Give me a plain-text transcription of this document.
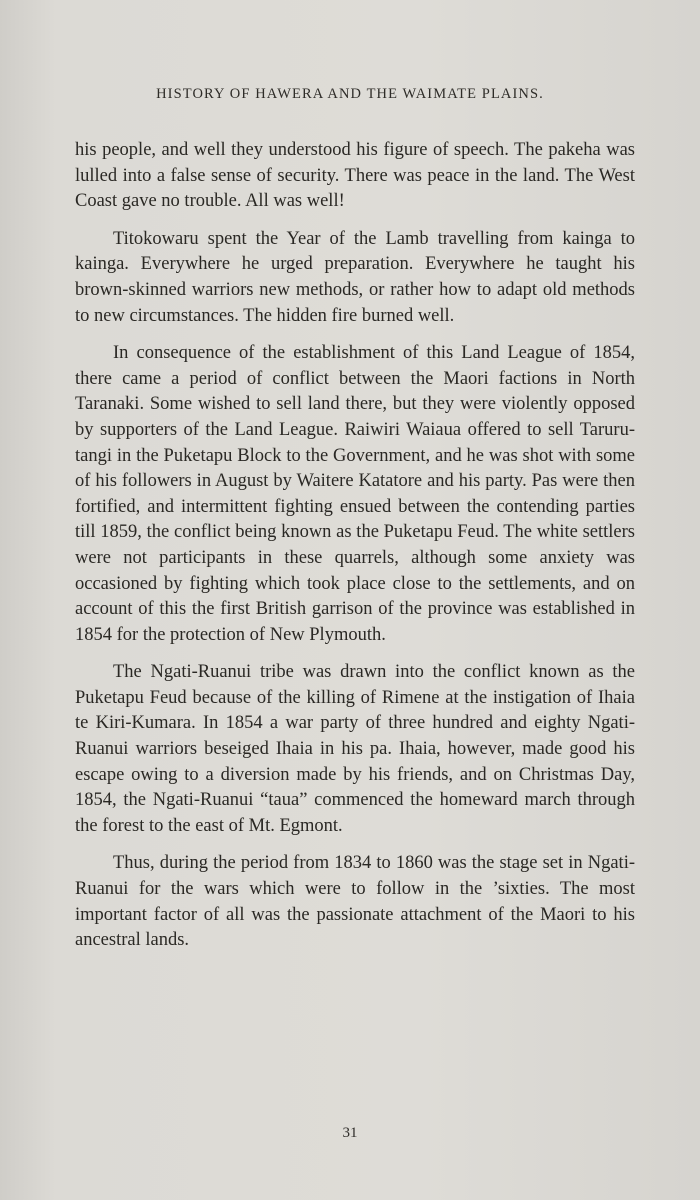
HISTORY OF HAWERA AND THE WAIMATE PLAINS.

his people, and well they understood his figure of speech. The pakeha was lulled into a false sense of security. There was peace in the land. The West Coast gave no trouble. All was well!

Titokowaru spent the Year of the Lamb travelling from kainga to kainga. Everywhere he urged preparation. Everywhere he taught his brown-skinned warriors new methods, or rather how to adapt old methods to new circumstances. The hidden fire burned well.

In consequence of the establishment of this Land League of 1854, there came a period of conflict between the Maori factions in North Taranaki. Some wished to sell land there, but they were violently opposed by supporters of the Land League. Raiwiri Waiaua offered to sell Taruru-tangi in the Puketapu Block to the Government, and he was shot with some of his followers in August by Waitere Katatore and his party. Pas were then fortified, and intermittent fighting ensued between the contending parties till 1859, the conflict being known as the Puketapu Feud. The white settlers were not participants in these quarrels, although some anxiety was occasioned by fighting which took place close to the settlements, and on account of this the first British garrison of the province was established in 1854 for the protection of New Plymouth.

The Ngati-Ruanui tribe was drawn into the conflict known as the Puketapu Feud because of the killing of Rimene at the instigation of Ihaia te Kiri-Kumara. In 1854 a war party of three hundred and eighty Ngati-Ruanui warriors beseiged Ihaia in his pa. Ihaia, however, made good his escape owing to a diversion made by his friends, and on Christmas Day, 1854, the Ngati-Ruanui “taua” commenced the homeward march through the forest to the east of Mt. Egmont.

Thus, during the period from 1834 to 1860 was the stage set in Ngati-Ruanui for the wars which were to follow in the ’sixties. The most important factor of all was the passionate attachment of the Maori to his ancestral lands.

31
